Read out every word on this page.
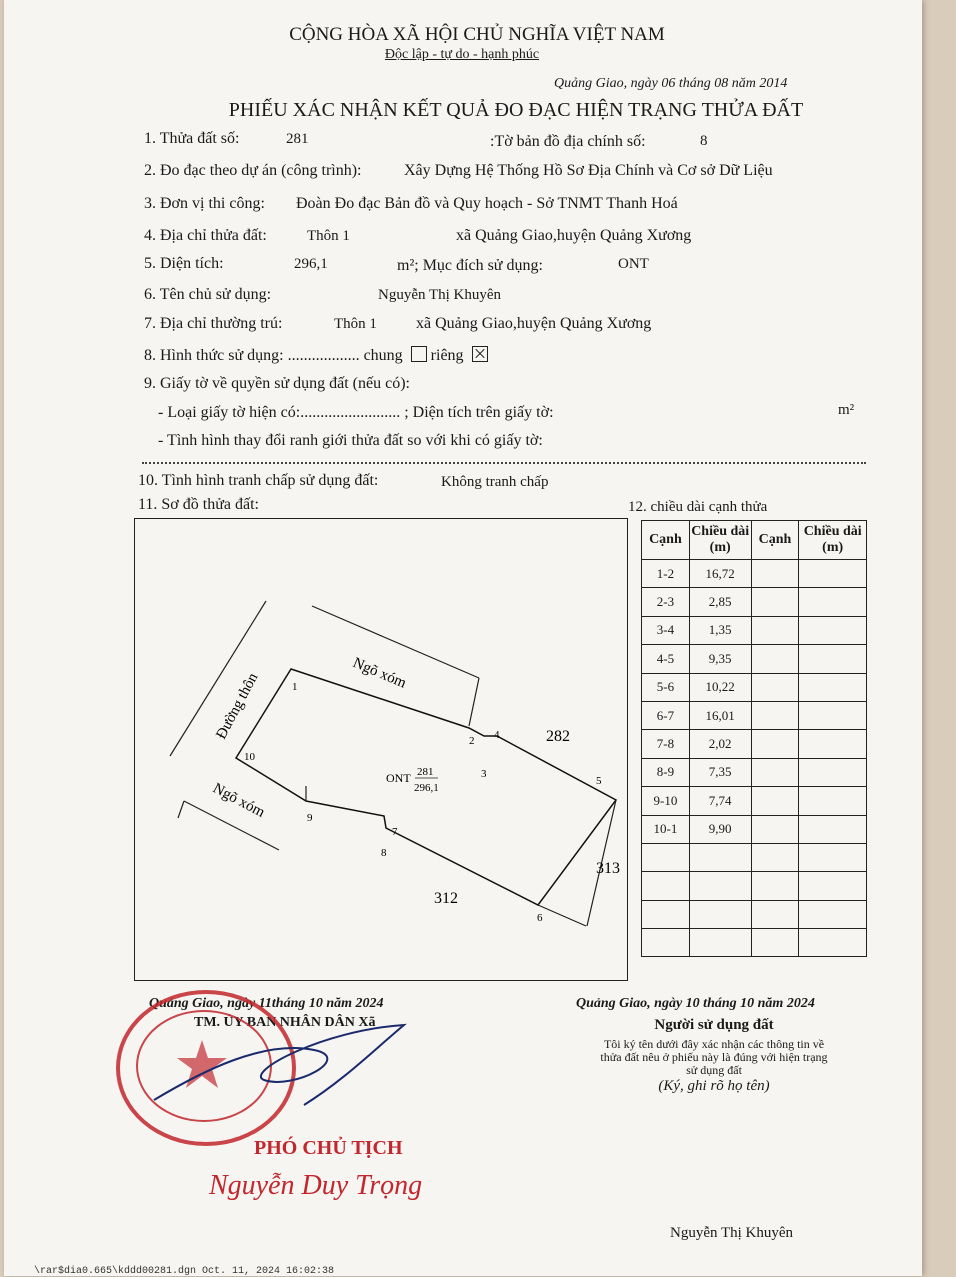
CỘNG HÒA XÃ HỘI CHỦ NGHĨA VIỆT NAM
Độc lập - tự do - hạnh phúc
Quảng Giao, ngày 06 tháng 08 năm 2014
PHIẾU XÁC NHẬN KẾT QUẢ ĐO ĐẠC HIỆN TRẠNG THỬA ĐẤT
1. Thửa đất số:	281	:Tờ bản đồ địa chính số:	8
2. Đo đạc theo dự án (công trình):	Xây Dựng Hệ Thống Hồ Sơ Địa Chính và Cơ sở Dữ Liệu
3. Đơn vị thi công: Đoàn Đo đạc Bản đồ và Quy hoạch - Sở TNMT Thanh Hoá
4. Địa chỉ thửa đất:	Thôn 1	xã Quảng Giao,huyện Quảng Xương
5. Diện tích:	296,1	m²; Mục đích sử dụng:	ONT
6. Tên chủ sử dụng:	Nguyễn Thị Khuyên
7. Địa chỉ thường trú:	Thôn 1 xã Quảng Giao,huyện Quảng Xương
8. Hình thức sử dụng: .................. chung riêng
9. Giấy tờ về quyền sử dụng đất (nếu có):
- Loại giấy tờ hiện có:......................... ; Diện tích trên giấy tờ:	m²
- Tình hình thay đổi ranh giới thửa đất so với khi có giấy tờ:
10. Tình hình tranh chấp sử dụng đất:	Không tranh chấp
11. Sơ đồ thửa đất:	12. chiều dài cạnh thửa
Đường thôn	Ngõ xóm
Ngõ xóm
ONT 281
296,1
282
313
312
1
2
3
4
5
6
7
8
9
10
Cạnh	Chiều dài (m)	Cạnh	Chiều dài (m)
1-2	16,72		
2-3	2,85		
3-4	1,35		
4-5	9,35		
5-6	10,22		
6-7	16,01		
7-8	2,02		
8-9	7,35		
9-10	7,74		
10-1	9,90		

Quảng Giao, ngày 11tháng 10 năm 2024
TM. ỦY BAN NHÂN DÂN Xã
PHÓ CHỦ TỊCH
Nguyễn Duy Trọng
Quảng Giao, ngày 10 tháng 10 năm 2024
Người sử dụng đất
Tôi ký tên dưới đây xác nhận các thông tin về
thửa đất nêu ở phiếu này là đúng với hiện trạng
sử dụng đất
(Ký, ghi rõ họ tên)
Nguyễn Thị Khuyên
\rar$dia0.665\kddd00281.dgn Oct. 11, 2024 16:02:38
